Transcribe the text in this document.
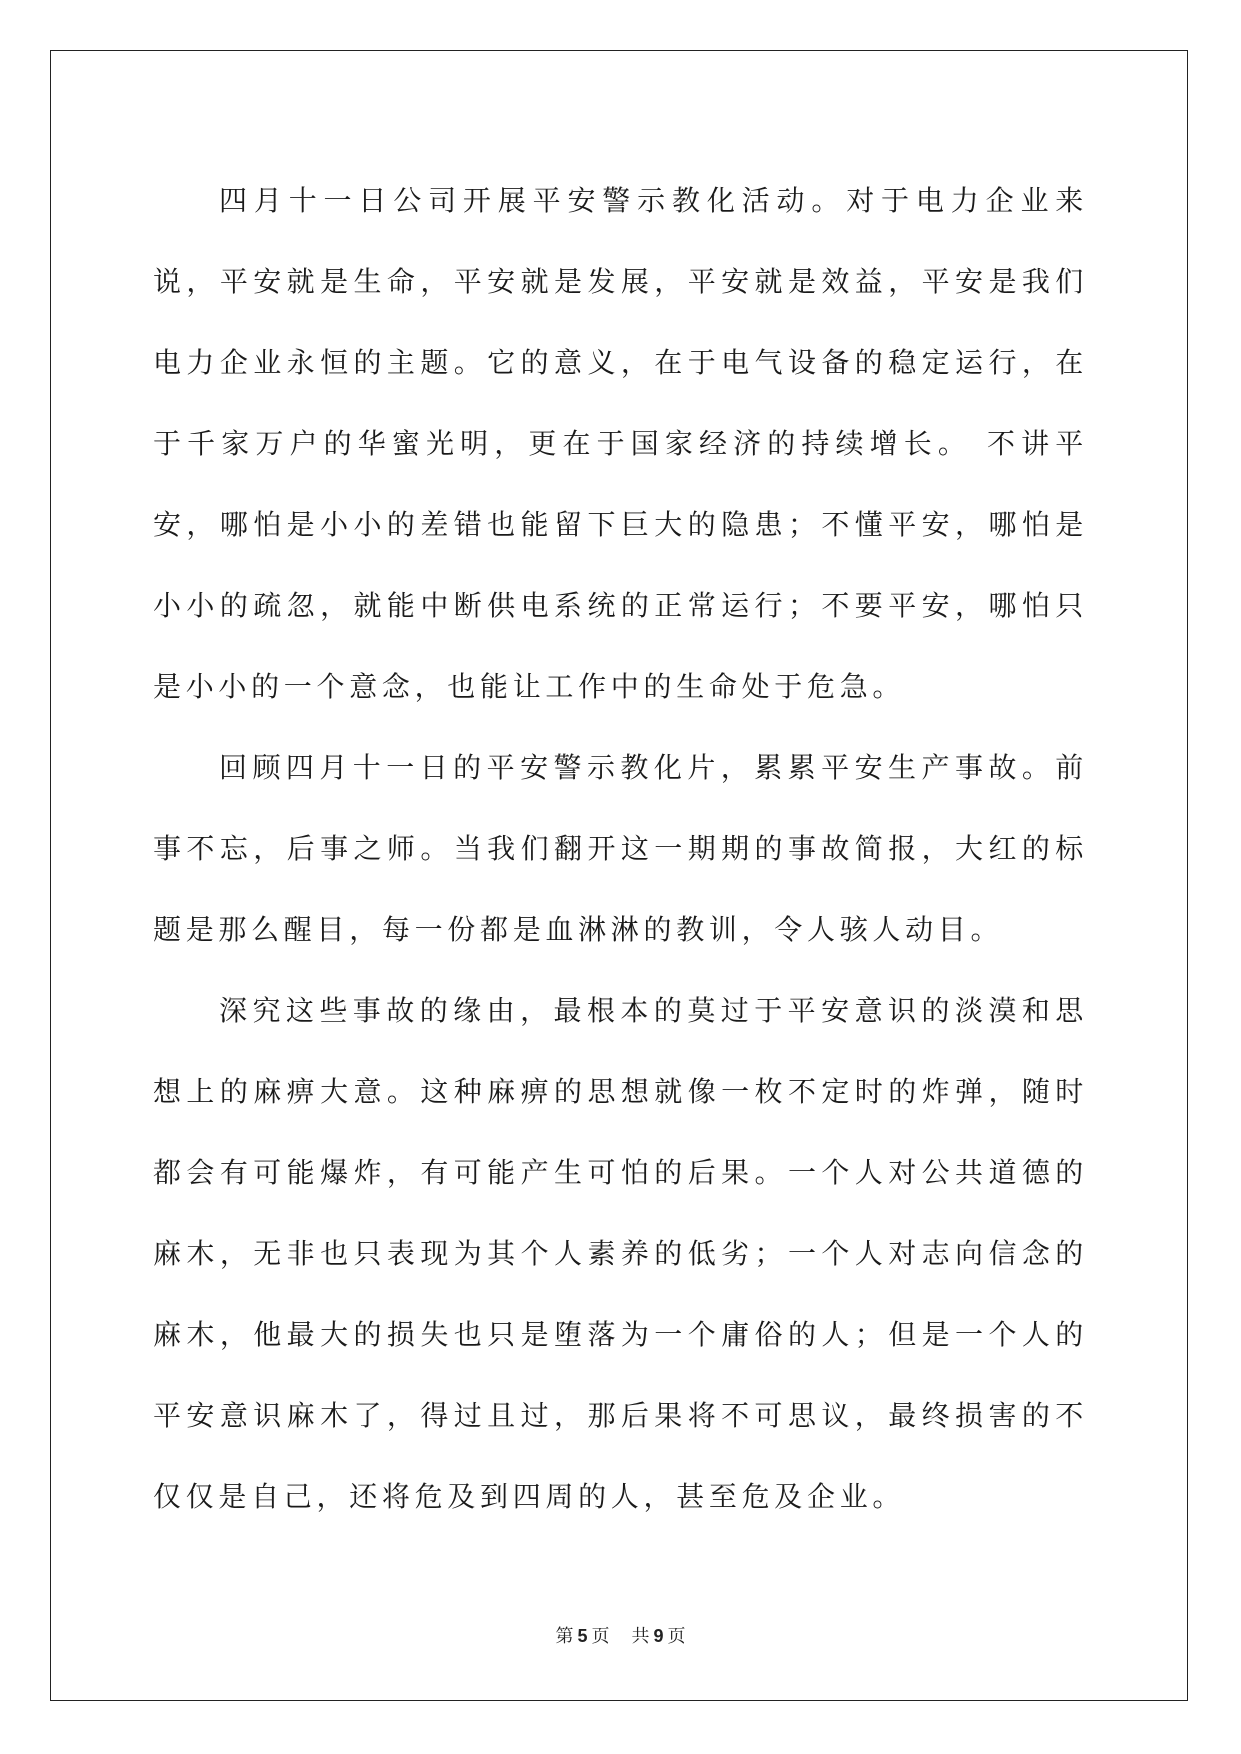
四月十一日公司开展平安警示教化活动。对于电力企业来说，平安就是生命，平安就是发展，平安就是效益，平安是我们电力企业永恒的主题。它的意义，在于电气设备的稳定运行，在于千家万户的华蜜光明，更在于国家经济的持续增长。 不讲平安，哪怕是小小的差错也能留下巨大的隐患；不懂平安，哪怕是小小的疏忽，就能中断供电系统的正常运行；不要平安，哪怕只是小小的一个意念，也能让工作中的生命处于危急。

回顾四月十一日的平安警示教化片，累累平安生产事故。前事不忘，后事之师。当我们翻开这一期期的事故简报，大红的标题是那么醒目，每一份都是血淋淋的教训，令人骇人动目。

深究这些事故的缘由，最根本的莫过于平安意识的淡漠和思想上的麻痹大意。这种麻痹的思想就像一枚不定时的炸弹，随时都会有可能爆炸，有可能产生可怕的后果。一个人对公共道德的麻木，无非也只表现为其个人素养的低劣；一个人对志向信念的麻木，他最大的损失也只是堕落为一个庸俗的人；但是一个人的平安意识麻木了，得过且过，那后果将不可思议，最终损害的不仅仅是自己，还将危及到四周的人，甚至危及企业。

第 5 页 共 9 页
